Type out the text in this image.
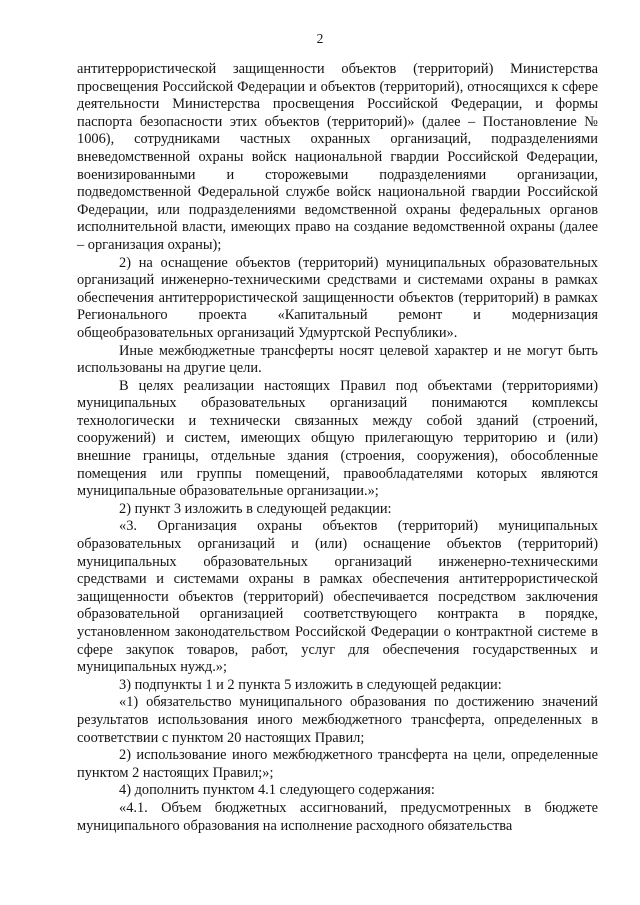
2

антитеррористической защищенности объектов (территорий) Министерства просвещения Российской Федерации и объектов (территорий), относящихся к сфере деятельности Министерства просвещения Российской Федерации, и формы паспорта безопасности этих объектов (территорий)» (далее – Постановление № 1006), сотрудниками частных охранных организаций, подразделениями вневедомственной охраны войск национальной гвардии Российской Федерации, военизированными и сторожевыми подразделениями организации, подведомственной Федеральной службе войск национальной гвардии Российской Федерации, или подразделениями ведомственной охраны федеральных органов исполнительной власти, имеющих право на создание ведомственной охраны (далее – организация охраны);

2) на оснащение объектов (территорий) муниципальных образовательных организаций инженерно-техническими средствами и системами охраны в рамках обеспечения антитеррористической защищенности объектов (территорий) в рамках Регионального проекта «Капитальный ремонт и модернизация общеобразовательных организаций Удмуртской Республики».

Иные межбюджетные трансферты носят целевой характер и не могут быть использованы на другие цели.

В целях реализации настоящих Правил под объектами (территориями) муниципальных образовательных организаций понимаются комплексы технологически и технически связанных между собой зданий (строений, сооружений) и систем, имеющих общую прилегающую территорию и (или) внешние границы, отдельные здания (строения, сооружения), обособленные помещения или группы помещений, правообладателями которых являются муниципальные образовательные организации.»;

2) пункт 3 изложить в следующей редакции:

«3. Организация охраны объектов (территорий) муниципальных образовательных организаций и (или) оснащение объектов (территорий) муниципальных образовательных организаций инженерно-техническими средствами и системами охраны в рамках обеспечения антитеррористической защищенности объектов (территорий) обеспечивается посредством заключения образовательной организацией соответствующего контракта в порядке, установленном законодательством Российской Федерации о контрактной системе в сфере закупок товаров, работ, услуг для обеспечения государственных и муниципальных нужд.»;

3) подпункты 1 и 2 пункта 5 изложить в следующей редакции:

«1) обязательство муниципального образования по достижению значений результатов использования иного межбюджетного трансферта, определенных в соответствии с пунктом 20 настоящих Правил;

2) использование иного межбюджетного трансферта на цели, определенные пунктом 2 настоящих Правил;»;

4) дополнить пунктом 4.1 следующего содержания:

«4.1. Объем бюджетных ассигнований, предусмотренных в бюджете муниципального образования на исполнение расходного обязательства
